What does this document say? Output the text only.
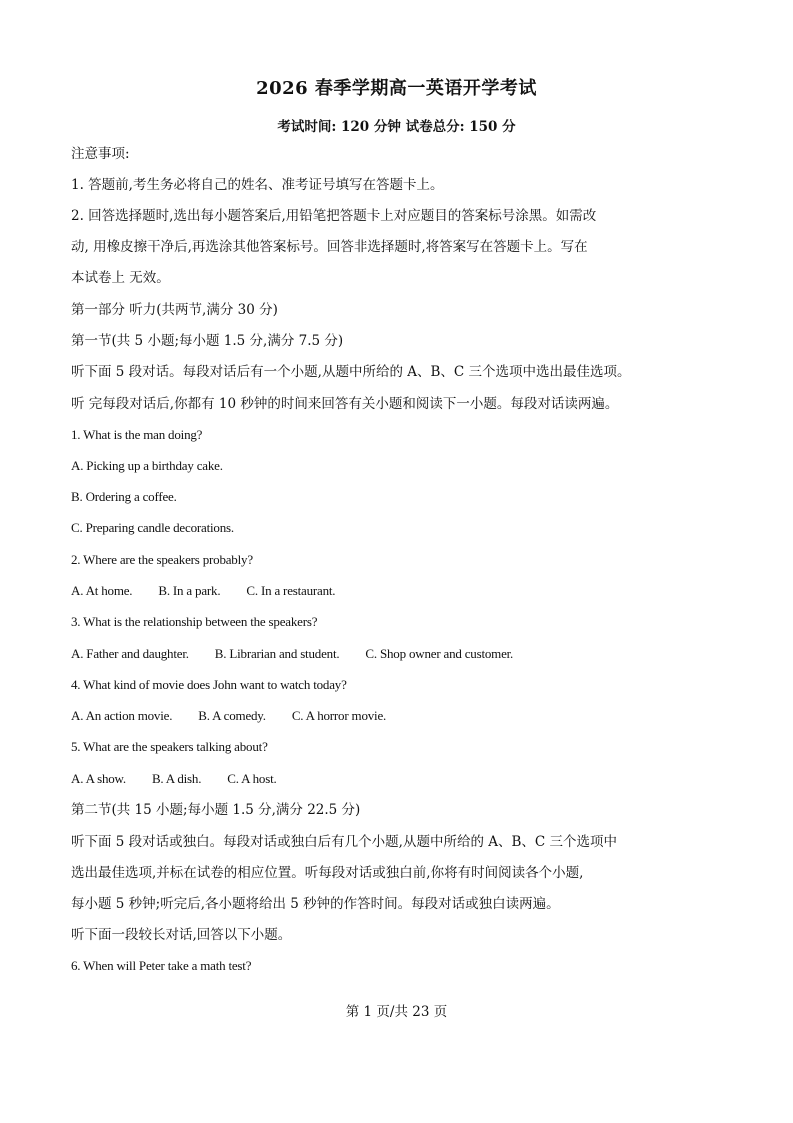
2026 春季学期高一英语开学考试
考试时间: 120 分钟 试卷总分: 150 分
注意事项:
1. 答题前,考生务必将自己的姓名、准考证号填写在答题卡上。
2. 回答选择题时,选出每小题答案后,用铅笔把答题卡上对应题目的答案标号涂黑。如需改
动, 用橡皮擦干净后,再选涂其他答案标号。回答非选择题时,将答案写在答题卡上。写在
本试卷上 无效。
第一部分 听力(共两节,满分 30 分)
第一节(共 5 小题;每小题 1.5 分,满分 7.5 分)
听下面 5 段对话。每段对话后有一个小题,从题中所给的 A、B、C 三个选项中选出最佳选项。
听 完每段对话后,你都有 10 秒钟的时间来回答有关小题和阅读下一小题。每段对话读两遍。
1. What is the man doing?
A. Picking up a birthday cake.
B. Ordering a coffee.
C. Preparing candle decorations.
2. Where are the speakers probably?
A. At home. B. In a park. C. In a restaurant.
3. What is the relationship between the speakers?
A. Father and daughter. B. Librarian and student. C. Shop owner and customer.
4. What kind of movie does John want to watch today?
A. An action movie. B. A comedy. C. A horror movie.
5. What are the speakers talking about?
A. A show. B. A dish. C. A host.
第二节(共 15 小题;每小题 1.5 分,满分 22.5 分)
听下面 5 段对话或独白。每段对话或独白后有几个小题,从题中所给的 A、B、C 三个选项中
选出最佳选项,并标在试卷的相应位置。听每段对话或独白前,你将有时间阅读各个小题,
每小题 5 秒钟;听完后,各小题将给出 5 秒钟的作答时间。每段对话或独白读两遍。
听下面一段较长对话,回答以下小题。
6. When will Peter take a math test?
第 1 页/共 23 页
